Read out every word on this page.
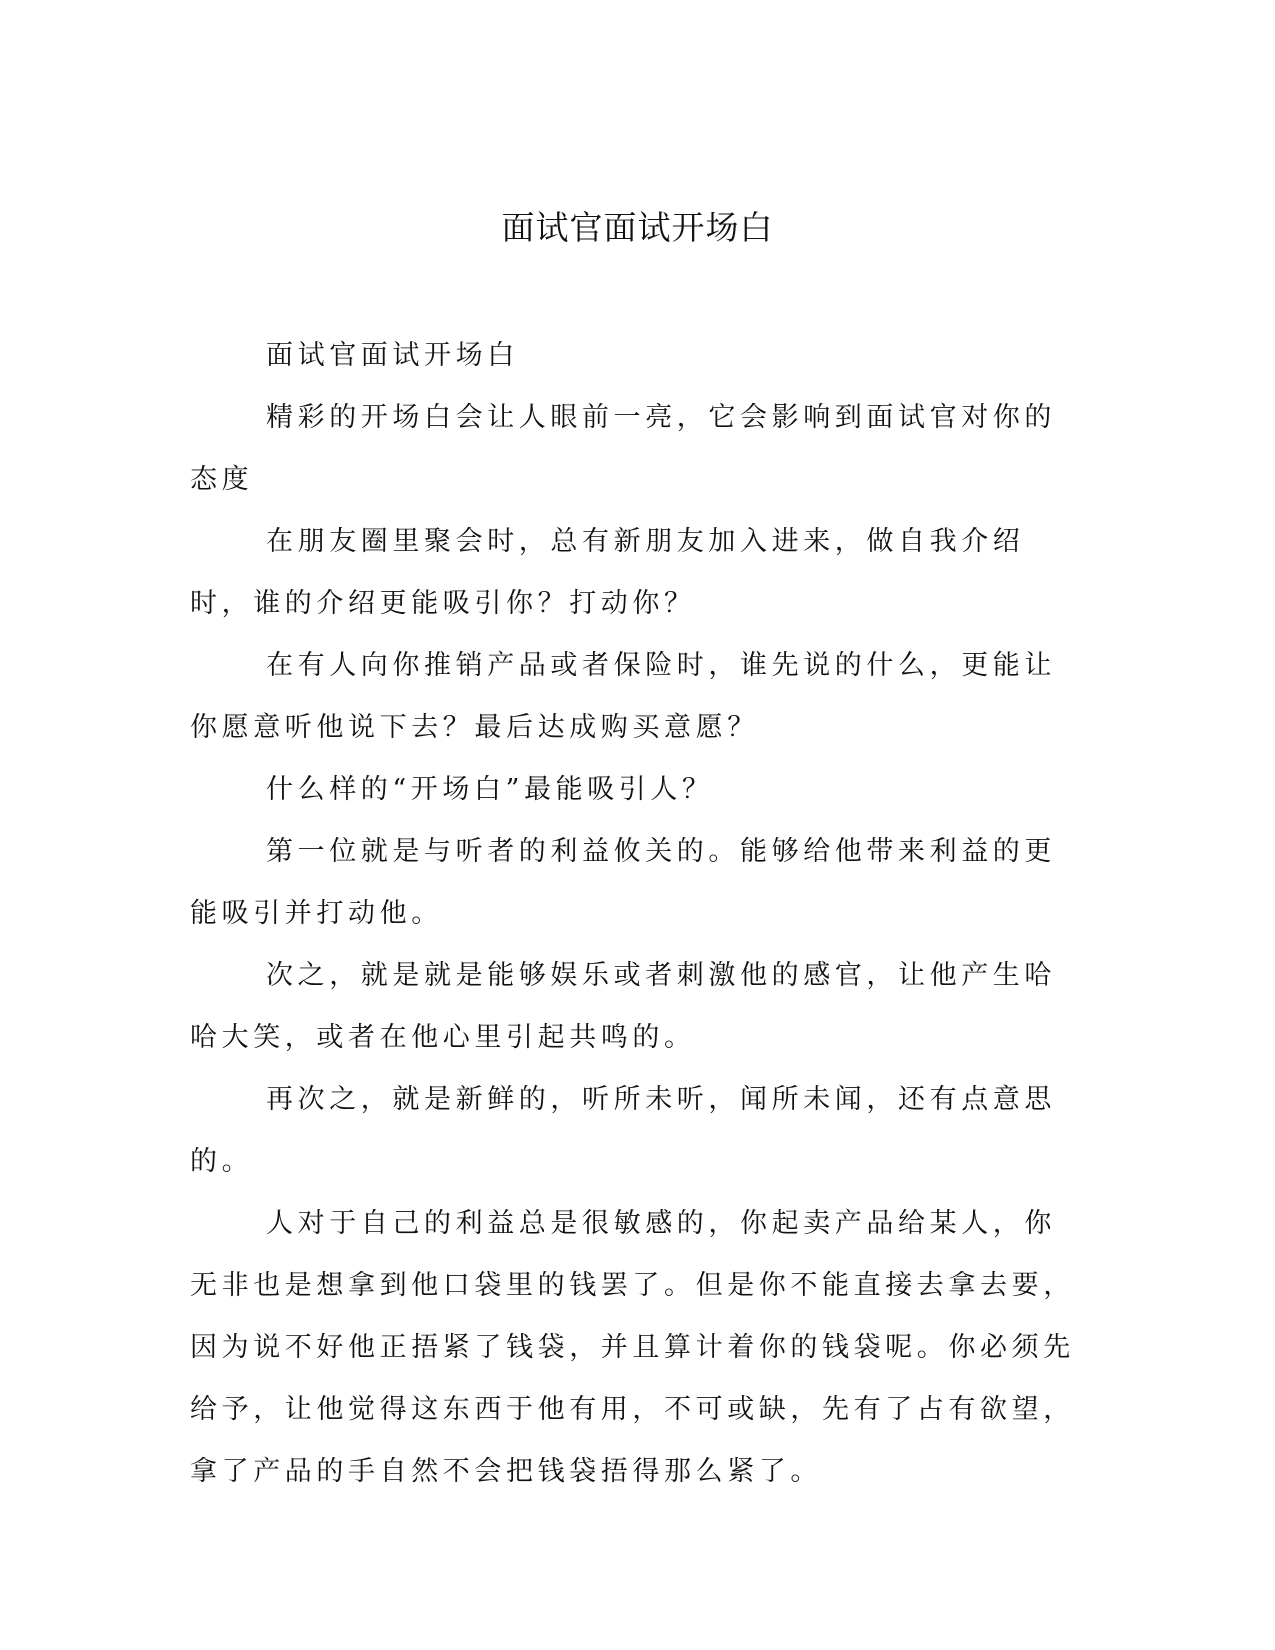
面试官面试开场白

面试官面试开场白

精彩的开场白会让人眼前一亮，它会影响到面试官对你的态度

在朋友圈里聚会时，总有新朋友加入进来，做自我介绍时，谁的介绍更能吸引你？打动你？

在有人向你推销产品或者保险时，谁先说的什么，更能让你愿意听他说下去？最后达成购买意愿？

什么样的“开场白”最能吸引人？

第一位就是与听者的利益攸关的。能够给他带来利益的更能吸引并打动他。

次之，就是就是能够娱乐或者刺激他的感官，让他产生哈哈大笑，或者在他心里引起共鸣的。

再次之，就是新鲜的，听所未听，闻所未闻，还有点意思的。

人对于自己的利益总是很敏感的，你起卖产品给某人，你无非也是想拿到他口袋里的钱罢了。但是你不能直接去拿去要，因为说不好他正捂紧了钱袋，并且算计着你的钱袋呢。你必须先给予，让他觉得这东西于他有用，不可或缺，先有了占有欲望，拿了产品的手自然不会把钱袋捂得那么紧了。
